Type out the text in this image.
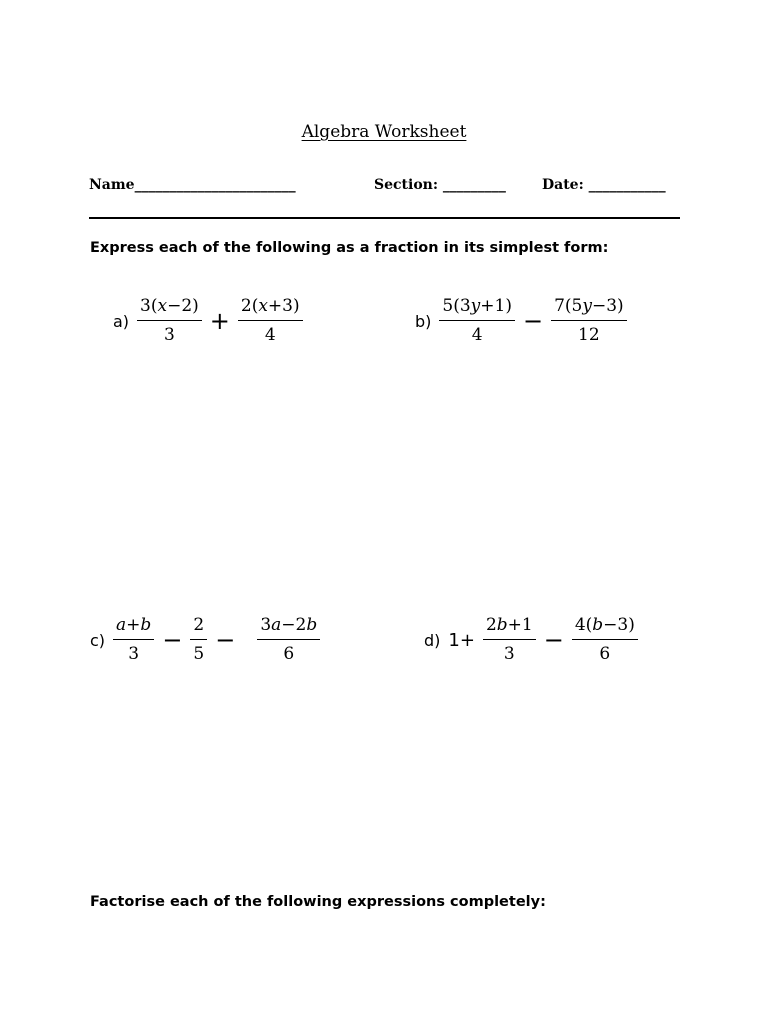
Algebra Worksheet
Name_______________________	Section: _________	Date: ___________
Express each of the following as a fraction in its simplest form:
$a) \frac{\text{3(𝑥−2)}}{3} + \frac{\text{2(𝑥+3)}}{4}$	$b) \frac{\text{5(3𝑦+1)}}{4} - \frac{\text{7(5𝑦−3)}}{12}$
$c) \frac{\text{𝑎+𝑏}}{3} - \frac{2}{5} - \frac{\text{3𝑎−2𝑏}}{6}$	d) $1+ \frac{\text{2𝑏+1}}{3} - \frac{\text{4(𝑏−3)}}{6}$
Factorise each of the following expressions completely:
